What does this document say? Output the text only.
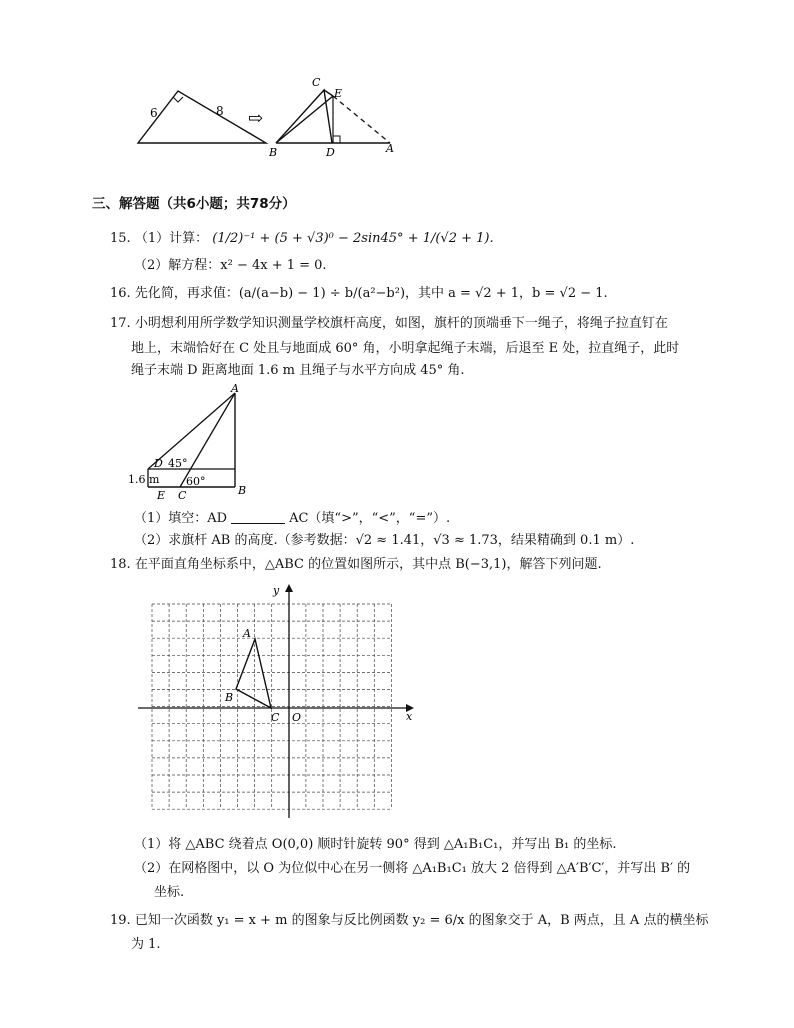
6	8 ⇨
C
E
B	D	A
三、解答题（共6小题；共78分）
15. （1）计算： (1/2)⁻¹ + (5 + √3)⁰ − 2sin45° + 1/(√2 + 1).
（2）解方程：x² − 4x + 1 = 0.
16. 先化简，再求值：(a/(a−b) − 1) ÷ b/(a²−b²)，其中 a = √2 + 1，b = √2 − 1.
17. 小明想利用所学数学知识测量学校旗杆高度，如图，旗杆的顶端垂下一绳子，将绳子拉直钉在
地上，末端恰好在 C 处且与地面成 60° 角，小明拿起绳子末端，后退至 E 处，拉直绳子，此时
绳子末端 D 距离地面 1.6 m 且绳子与水平方向成 45° 角.
A
D 45°
1.6 m 60°
E C	B
（1）填空：AD	AC（填“>”，“<”，“=”）.
（2）求旗杆 AB 的高度.（参考数据：√2 ≈ 1.41，√3 ≈ 1.73，结果精确到 0.1 m）.
18. 在平面直角坐标系中，△ABC 的位置如图所示，其中点 B(−3,1)，解答下列问题.
x
y
O
A
B
C
（1）将 △ABC 绕着点 O(0,0) 顺时针旋转 90° 得到 △A₁B₁C₁，并写出 B₁ 的坐标.
（2）在网格图中，以 O 为位似中心在另一侧将 △A₁B₁C₁ 放大 2 倍得到 △A′B′C′，并写出 B′ 的
坐标.
19. 已知一次函数 y₁ = x + m 的图象与反比例函数 y₂ = 6/x 的图象交于 A，B 两点，且 A 点的横坐标
为 1.
